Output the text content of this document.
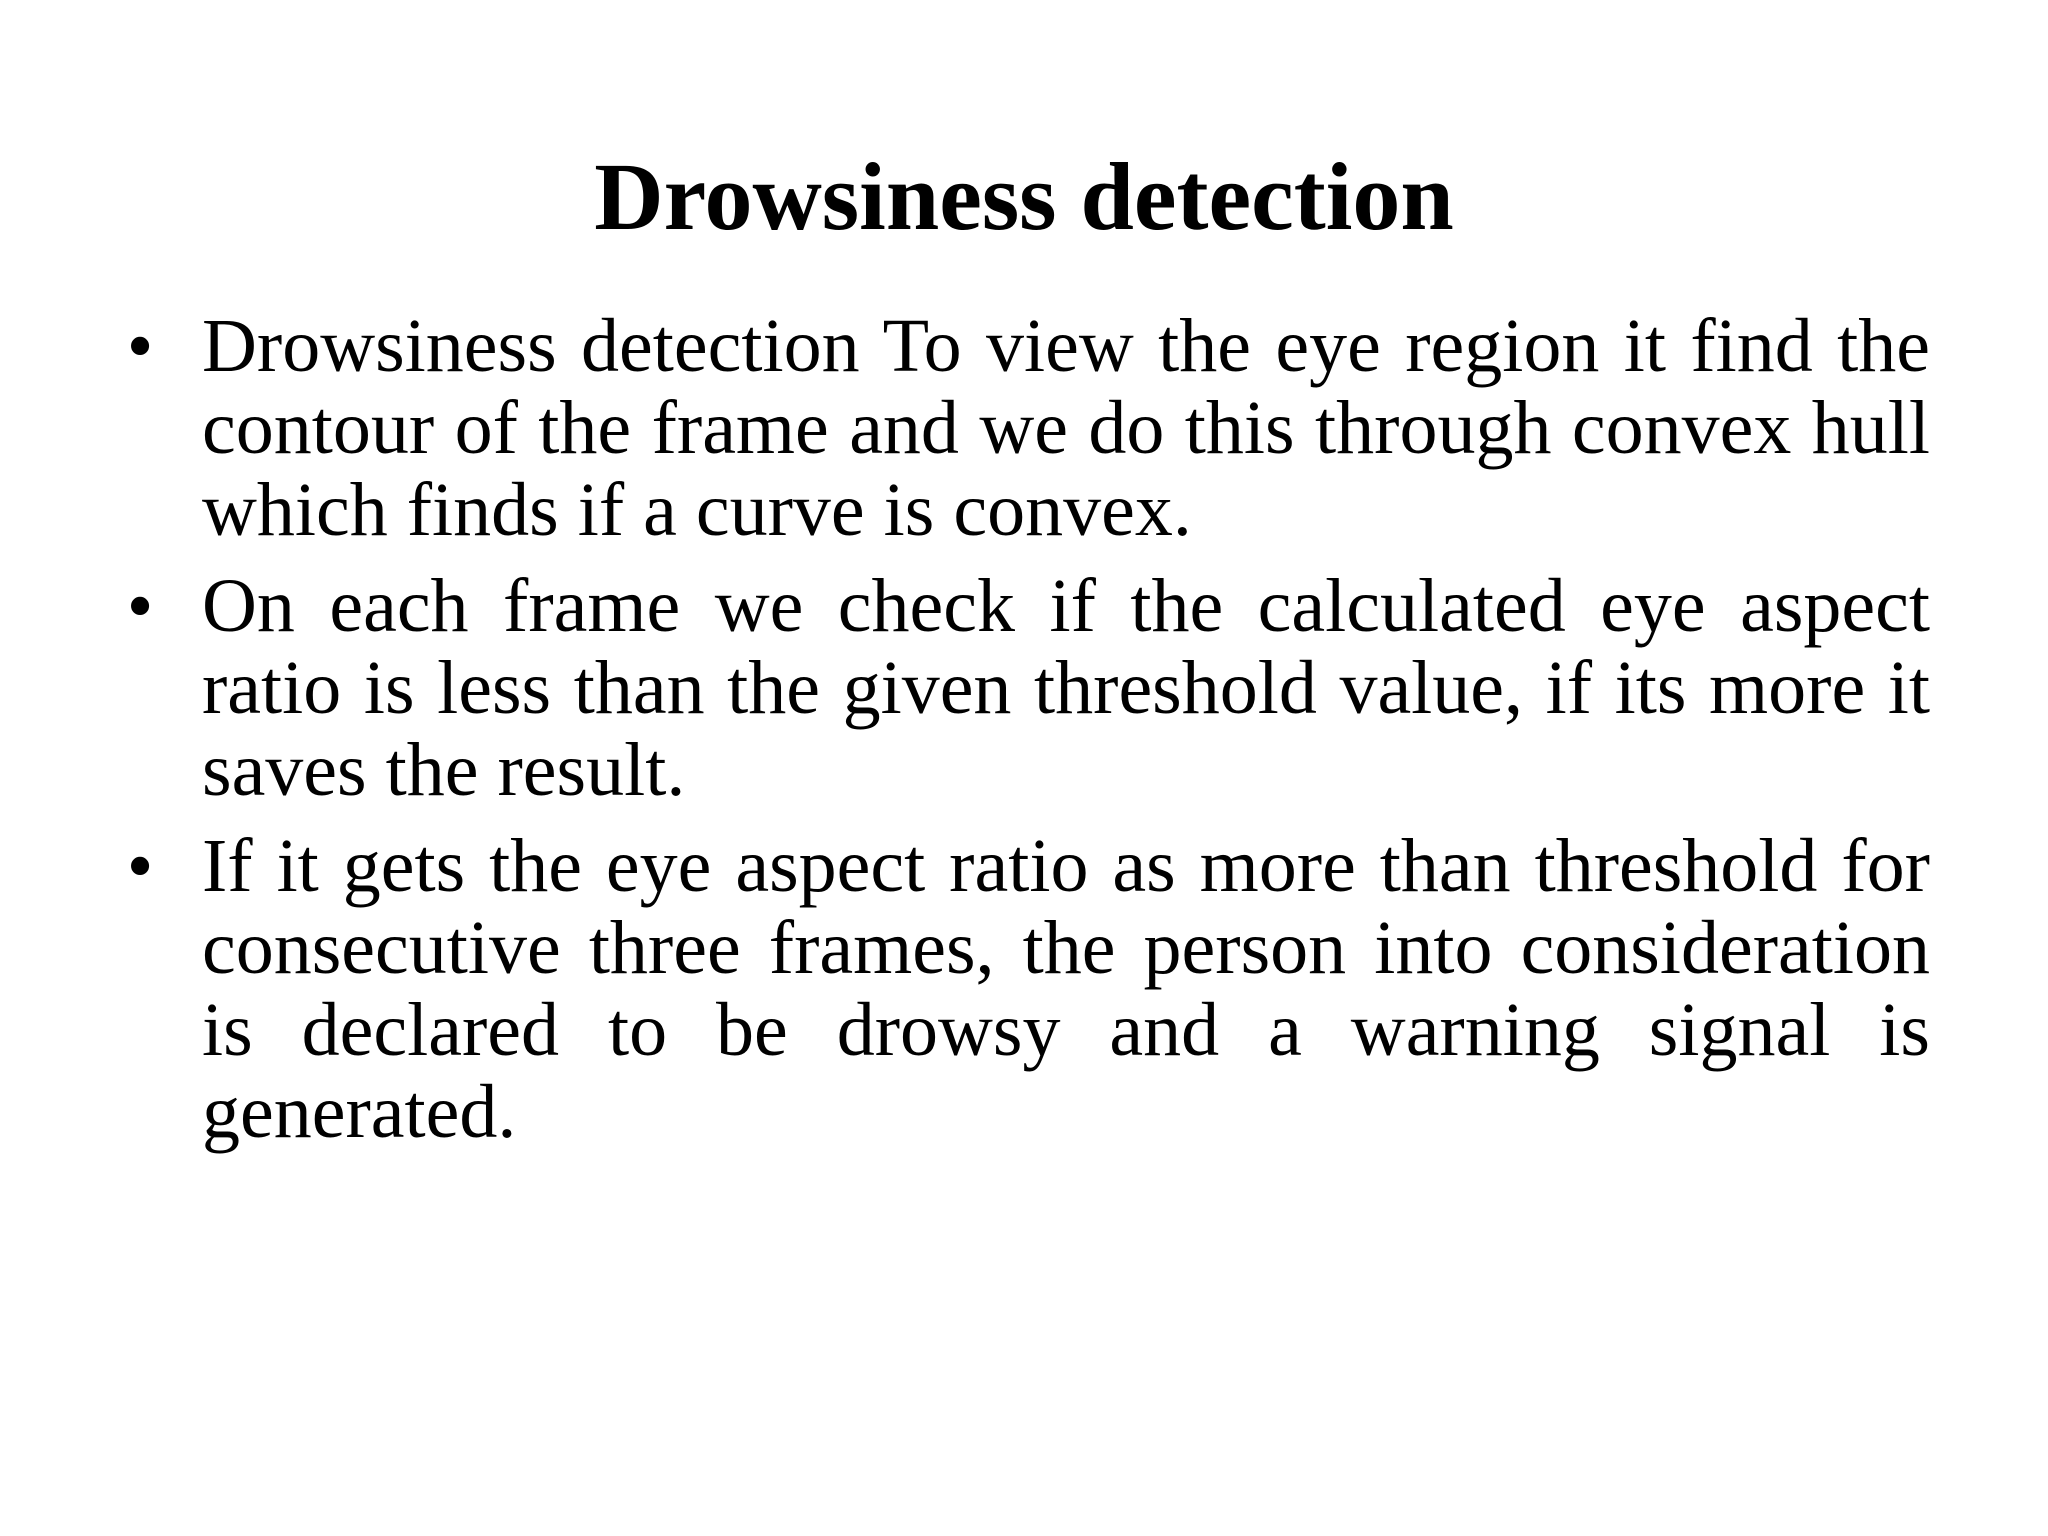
Drowsiness detection
• Drowsiness detection To view the eye region it find the contour of the frame and we do this through convex hull which finds if a curve is convex.
• On each frame we check if the calculated eye aspect ratio is less than the given threshold value, if its more it saves the result.
• If it gets the eye aspect ratio as more than threshold for consecutive three frames, the person into consideration is declared to be drowsy and a warning signal is generated.
